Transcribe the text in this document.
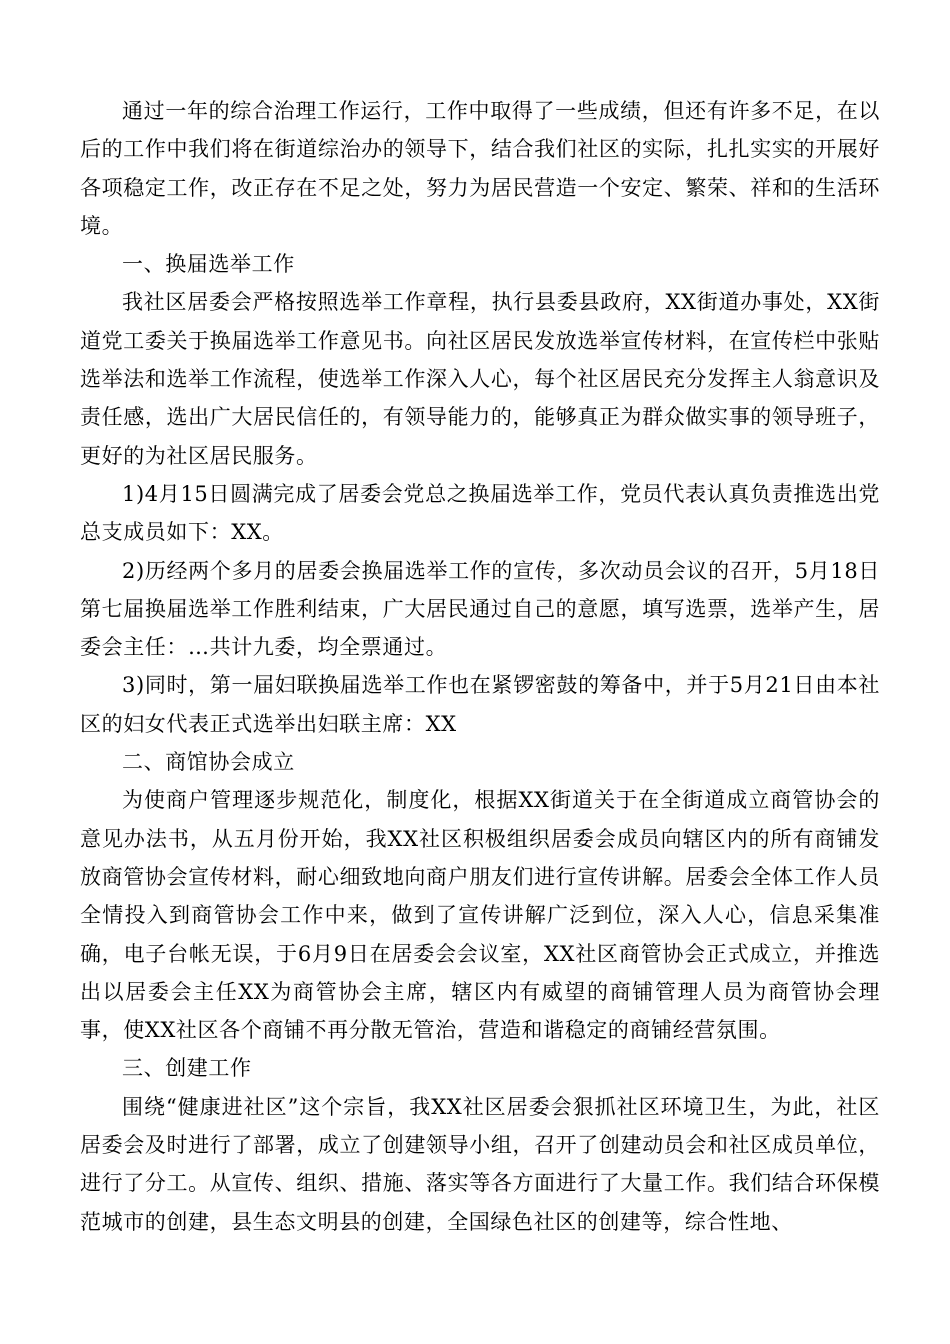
通过一年的综合治理工作运行，工作中取得了一些成绩，但还有许多不足，在以后的工作中我们将在街道综治办的领导下，结合我们社区的实际，扎扎实实的开展好各项稳定工作，改正存在不足之处，努力为居民营造一个安定、繁荣、祥和的生活环境。

一、换届选举工作

我社区居委会严格按照选举工作章程，执行县委县政府，XX街道办事处，XX街道党工委关于换届选举工作意见书。向社区居民发放选举宣传材料，在宣传栏中张贴选举法和选举工作流程，使选举工作深入人心，每个社区居民充分发挥主人翁意识及责任感，选出广大居民信任的，有领导能力的，能够真正为群众做实事的领导班子，更好的为社区居民服务。

1)4月15日圆满完成了居委会党总之换届选举工作，党员代表认真负责推选出党总支成员如下：XX。

2)历经两个多月的居委会换届选举工作的宣传，多次动员会议的召开，5月18日第七届换届选举工作胜利结束，广大居民通过自己的意愿，填写选票，选举产生，居委会主任：…共计九委，均全票通过。

3)同时，第一届妇联换届选举工作也在紧锣密鼓的筹备中，并于5月21日由本社区的妇女代表正式选举出妇联主席：XX

二、商馆协会成立

为使商户管理逐步规范化，制度化，根据XX街道关于在全街道成立商管协会的意见办法书，从五月份开始，我XX社区积极组织居委会成员向辖区内的所有商铺发放商管协会宣传材料，耐心细致地向商户朋友们进行宣传讲解。居委会全体工作人员全情投入到商管协会工作中来，做到了宣传讲解广泛到位，深入人心，信息采集准确，电子台帐无误，于6月9日在居委会会议室，XX社区商管协会正式成立，并推选出以居委会主任XX为商管协会主席，辖区内有威望的商铺管理人员为商管协会理事，使XX社区各个商铺不再分散无管治，营造和谐稳定的商铺经营氛围。

三、创建工作

围绕“健康进社区”这个宗旨，我XX社区居委会狠抓社区环境卫生，为此，社区居委会及时进行了部署，成立了创建领导小组，召开了创建动员会和社区成员单位，进行了分工。从宣传、组织、措施、落实等各方面进行了大量工作。我们结合环保模范城市的创建，县生态文明县的创建，全国绿色社区的创建等，综合性地、
